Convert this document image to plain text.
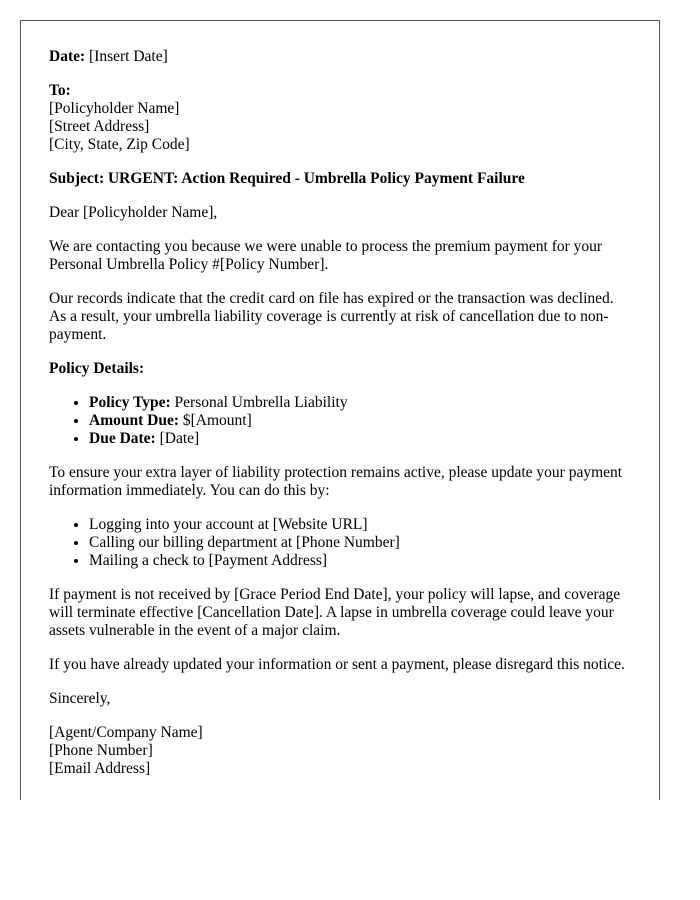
Date: [Insert Date]

To:
[Policyholder Name]
[Street Address]
[City, State, Zip Code]

Subject: URGENT: Action Required - Umbrella Policy Payment Failure

Dear [Policyholder Name],

We are contacting you because we were unable to process the premium payment for your Personal Umbrella Policy #[Policy Number].

Our records indicate that the credit card on file has expired or the transaction was declined. As a result, your umbrella liability coverage is currently at risk of cancellation due to non-payment.

Policy Details:

• Policy Type: Personal Umbrella Liability
• Amount Due: $[Amount]
• Due Date: [Date]

To ensure your extra layer of liability protection remains active, please update your payment information immediately. You can do this by:

• Logging into your account at [Website URL]
• Calling our billing department at [Phone Number]
• Mailing a check to [Payment Address]

If payment is not received by [Grace Period End Date], your policy will lapse, and coverage will terminate effective [Cancellation Date]. A lapse in umbrella coverage could leave your assets vulnerable in the event of a major claim.

If you have already updated your information or sent a payment, please disregard this notice.

Sincerely,

[Agent/Company Name]
[Phone Number]
[Email Address]
